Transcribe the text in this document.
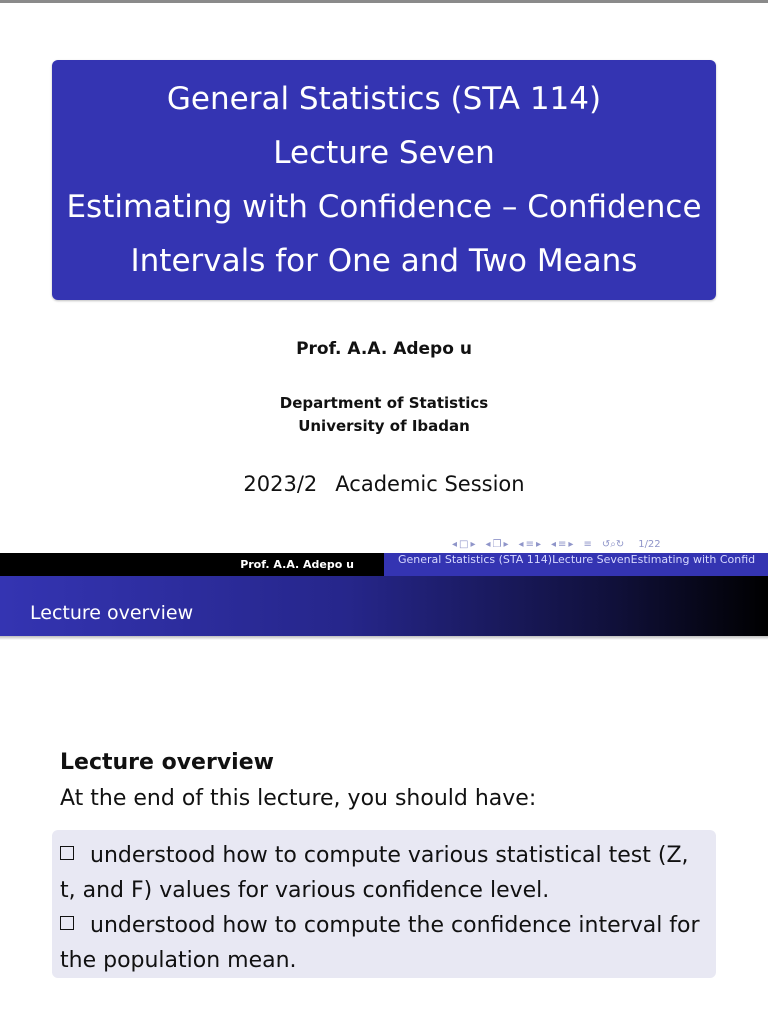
General Statistics (STA 114)
Lecture Seven
Estimating with Confidence – Confidence
Intervals for One and Two Means
Prof. A.A. Adepo u
Department of Statistics
University of Ibadan
2023/2 Academic Session
◂ □ ▸ ◂ ❐ ▸ ◂ ≡ ▸ ◂ ≡ ▸ ≡ ↺⌕↻ 1/22
Prof. A.A. Adepo u	General Statistics (STA 114)Lecture SevenEstimating with Confid
Lecture overview
Lecture overview
At the end of this lecture, you should have:
understood how to compute various statistical test (Z, t, and F) values for various confidence level.
understood how to compute the confidence interval for the population mean.
